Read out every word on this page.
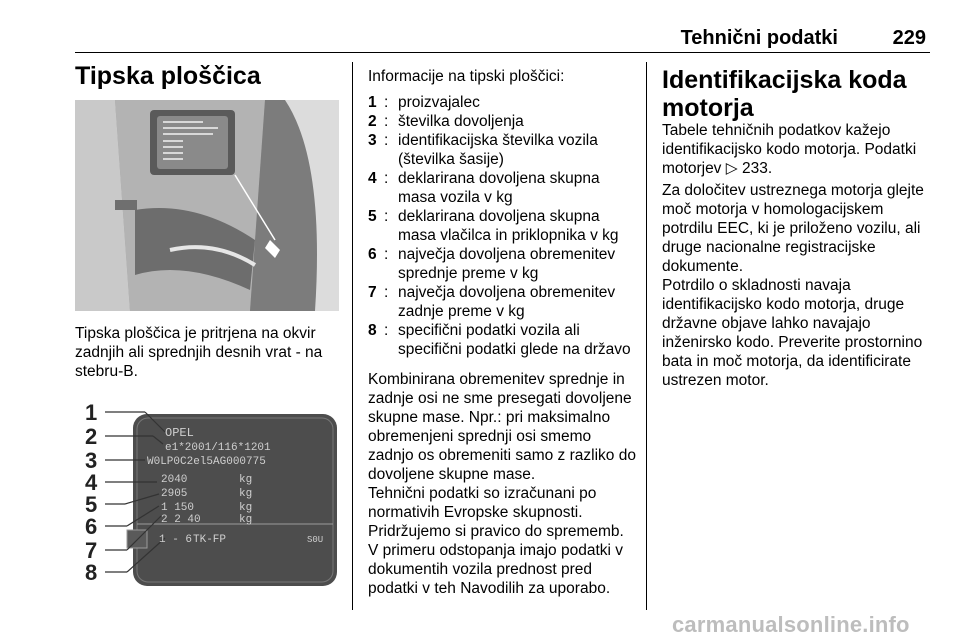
Tehnični podatki	229
Tipska ploščica

Tipska ploščica je pritrjena na okvir zadnjih ali sprednjih desnih vrat - na stebru-B.

1
2
3
4
5
6
7
8
OPEL
e1*2001/116*1201
W0LP0C2el5AG000775
2040
2905
1 150
2 2 40
kg
kg
kg
kg
1 - 6 TK-FP	S0U

Informacije na tipski ploščici:

1 : proizvajalec
2 : številka dovoljenja
3 : identifikacijska številka vozila (številka šasije)
4 : deklarirana dovoljena skupna masa vozila v kg
5 : deklarirana dovoljena skupna masa vlačilca in priklopnika v kg
6 : največja dovoljena obremenitev sprednje preme v kg
7 : največja dovoljena obremenitev zadnje preme v kg
8 : specifični podatki vozila ali specifični podatki glede na državo

Kombinirana obremenitev sprednje in zadnje osi ne sme presegati dovoljene skupne mase. Npr.: pri maksimalno obremenjeni sprednji osi smemo zadnjo os obremeniti samo z razliko do dovoljene skupne mase.

Tehnični podatki so izračunani po normativih Evropske skupnosti. Pridržujemo si pravico do sprememb. V primeru odstopanja imajo podatki v dokumentih vozila prednost pred podatki v teh Navodilih za uporabo.

Identifikacijska koda motorja

Tabele tehničnih podatkov kažejo identifikacijsko kodo motorja. Podatki motorjev ▷ 233.

Za določitev ustreznega motorja glejte moč motorja v homologacijskem potrdilu EEC, ki je priloženo vozilu, ali druge nacionalne registracijske dokumente.

Potrdilo o skladnosti navaja identifikacijsko kodo motorja, druge državne objave lahko navajajo inženirsko kodo. Preverite prostornino bata in moč motorja, da identificirate ustrezen motor.

carmanualsonline.info
